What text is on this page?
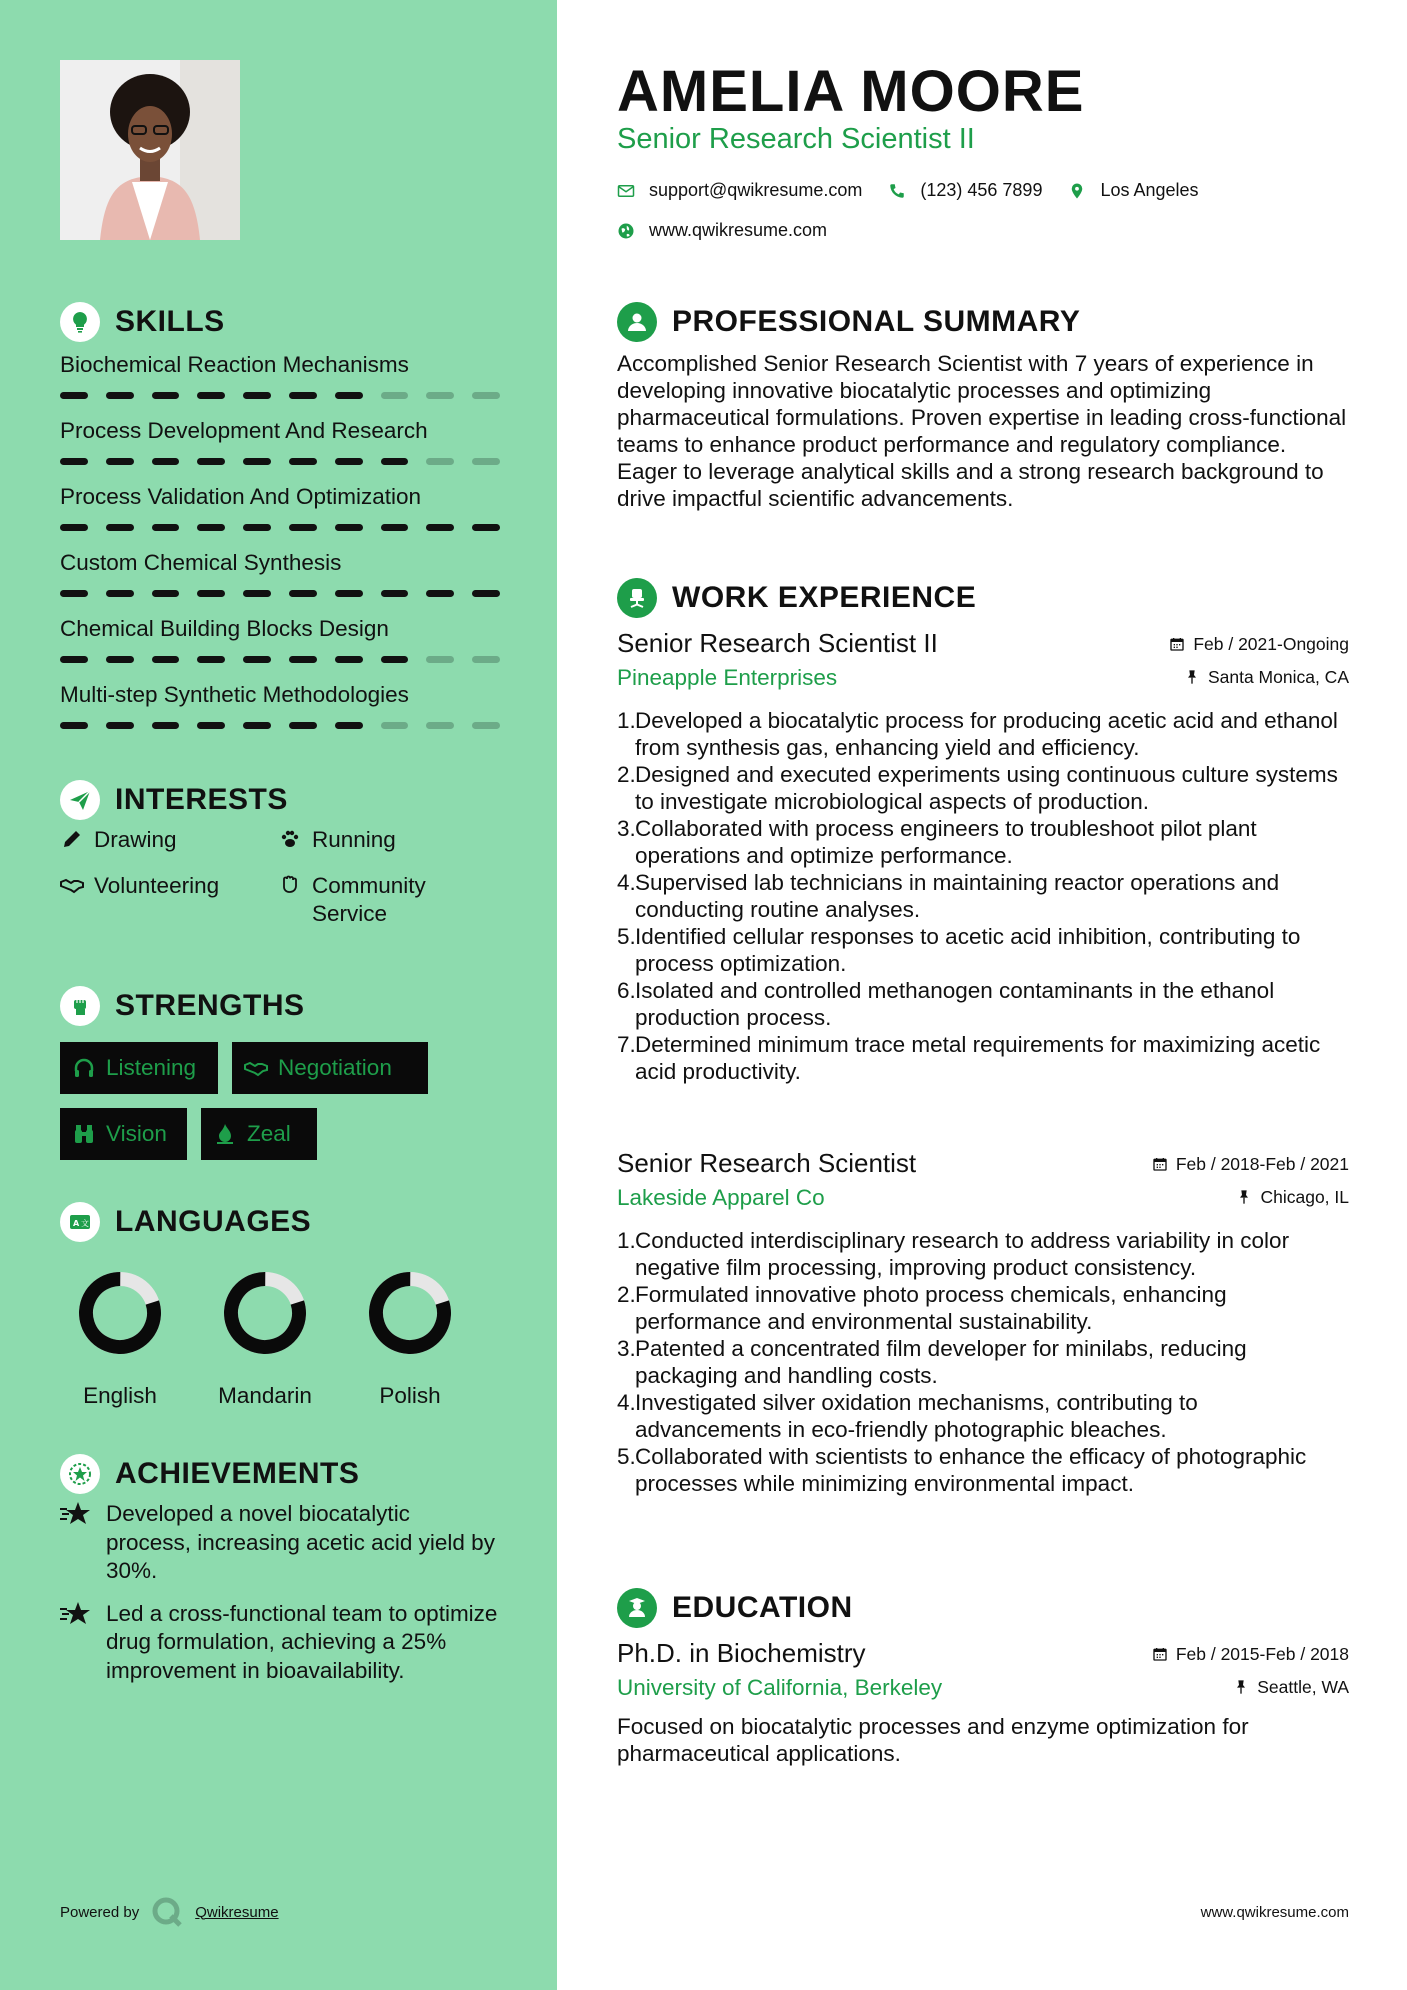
SKILLS
Biochemical Reaction Mechanisms
Process Development And Research
Process Validation And Optimization
Custom Chemical Synthesis
Chemical Building Blocks Design
Multi-step Synthetic Methodologies
INTERESTS
Drawing	Running
Volunteering	Community Service
STRENGTHS
Listening	Negotiation
Vision	Zeal
A 文 LANGUAGES
English	Mandarin	Polish
ACHIEVEMENTS
Developed a novel biocatalytic process, increasing acetic acid yield by 30%.
Led a cross-functional team to optimize drug formulation, achieving a 25% improvement in bioavailability.
Powered by	Qwikresume
AMELIA MOORE
Senior Research Scientist II
support@qwikresume.com	(123) 456 7899	Los Angeles
www.qwikresume.com
PROFESSIONAL SUMMARY
Accomplished Senior Research Scientist with 7 years of experience in developing innovative biocatalytic processes and optimizing pharmaceutical formulations. Proven expertise in leading cross-functional teams to enhance product performance and regulatory compliance. Eager to leverage analytical skills and a strong research background to drive impactful scientific advancements.
WORK EXPERIENCE
Senior Research Scientist II	Feb / 2021-Ongoing
Pineapple Enterprises	Santa Monica, CA
1. Developed a biocatalytic process for producing acetic acid and ethanol from synthesis gas, enhancing yield and efficiency.
2. Designed and executed experiments using continuous culture systems to investigate microbiological aspects of production.
3. Collaborated with process engineers to troubleshoot pilot plant operations and optimize performance.
4. Supervised lab technicians in maintaining reactor operations and conducting routine analyses.
5. Identified cellular responses to acetic acid inhibition, contributing to process optimization.
6. Isolated and controlled methanogen contaminants in the ethanol production process.
7. Determined minimum trace metal requirements for maximizing acetic acid productivity.
Senior Research Scientist	Feb / 2018-Feb / 2021
Lakeside Apparel Co	Chicago, IL
1. Conducted interdisciplinary research to address variability in color negative film processing, improving product consistency.
2. Formulated innovative photo process chemicals, enhancing performance and environmental sustainability.
3. Patented a concentrated film developer for minilabs, reducing packaging and handling costs.
4. Investigated silver oxidation mechanisms, contributing to advancements in eco-friendly photographic bleaches.
5. Collaborated with scientists to enhance the efficacy of photographic processes while minimizing environmental impact.
EDUCATION
Ph.D. in Biochemistry	Feb / 2015-Feb / 2018
University of California, Berkeley	Seattle, WA
Focused on biocatalytic processes and enzyme optimization for pharmaceutical applications.
www.qwikresume.com
